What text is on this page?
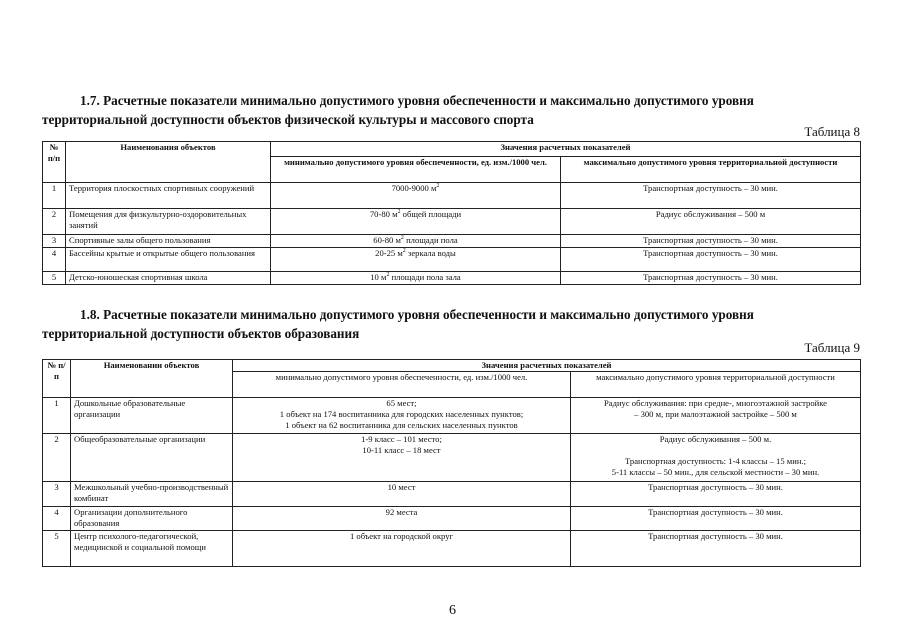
1.7. Расчетные показатели минимально допустимого уровня обеспеченности и максимально допустимого уровня
территориальной доступности объектов физической культуры и массового спорта
Таблица 8
№ п/п	Наименования объектов	Значения расчетных показателей	
		минимально допустимого уровня обеспеченности, ед. изм./1000 чел.	максимально допустимого уровня территориальной доступности
1	Территория плоскостных спортивных сооружений	7000-9000 $м^2$	Транспортная доступность – 30 мин.
2	Помещения для физкультурно-оздоровительных занятий	70-80 $м^2$ общей площади	Радиус обслуживания – 500 м
3	Спортивные залы общего пользования	60-80 $м^2$ площади пола	Транспортная доступность – 30 мин.
4	Бассейны крытые и открытые общего пользования	20-25 $м^2$ зеркала воды	Транспортная доступность – 30 мин.
5	Детско-юношеская спортивная школа	10 $м^2$ площади пола зала	Транспортная доступность – 30 мин.
1.8. Расчетные показатели минимально допустимого уровня обеспеченности и максимально допустимого уровня
территориальной доступности объектов образования
Таблица 9
№ п/п	Наименовании объектов	Значения расчетных показателей	
		минимально допустимого уровня обеспеченности, ед. изм./1000 чел.	максимально допустимого уровня территориальной доступности
1	Дошкольные образовательные организации	65 мест;
1 объект на 174 воспитанника для городских населенных пунктов;
1 объект на 62 воспитанника для сельских населенных пунктов	Радиус обслуживания: при средне-, многоэтажной застройке
– 300 м, при малоэтажной застройке – 500 м

2	Общеобразовательные организации	1-9 класс – 101 место;
10-11 класс – 18 мест	Радиус обслуживания – 500 м.
Транспортная доступность: 1-4 классы – 15 мин.;
5-11 классы – 50 мин., для сельской местности – 30 мин.

3	Межшкольный учебно-производственный комбинат	10 мест	Транспортная доступность – 30 мин.
4	Организации дополнительного образования	92 места	Транспортная доступность – 30 мин.
5	Центр психолого-педагогической, медицинской и социальной помощи	1 объект на городской округ	Транспортная доступность – 30 мин.
6
